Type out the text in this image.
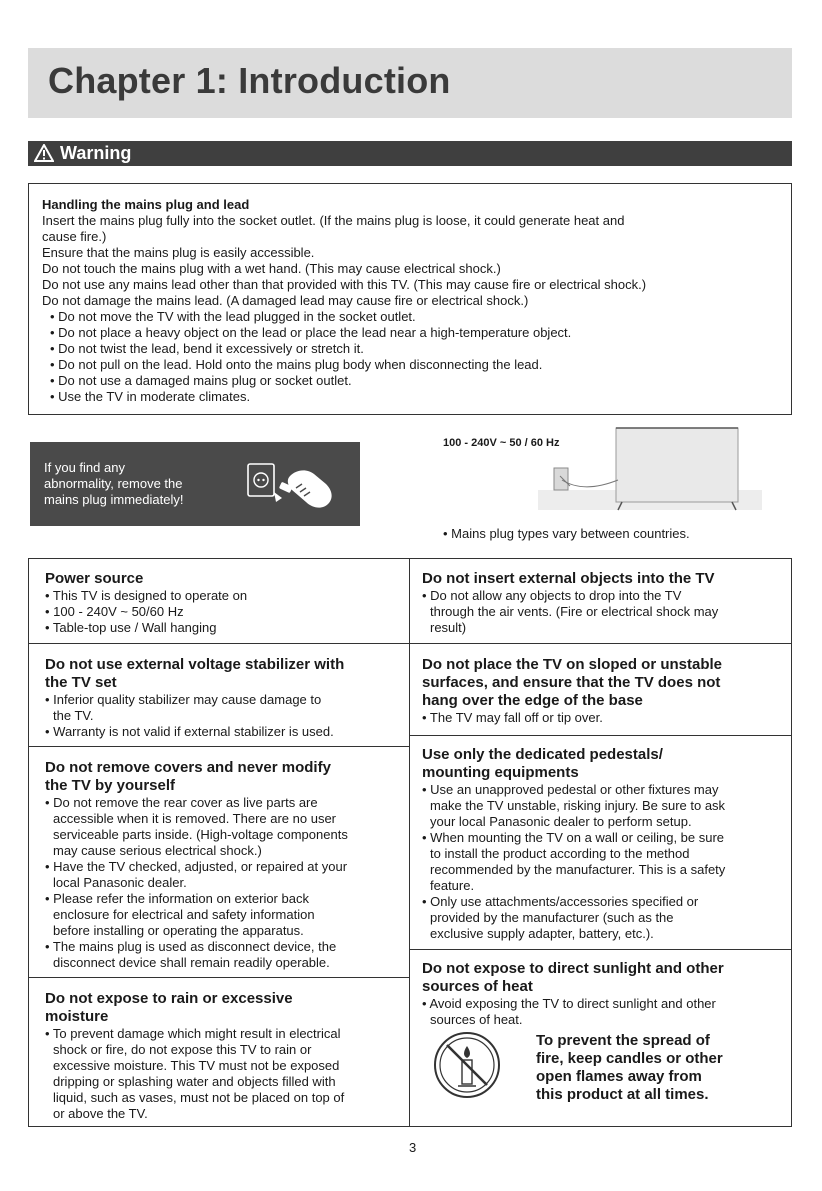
Chapter 1: Introduction
Warning
Handling the mains plug and lead
Insert the mains plug fully into the socket outlet. (If the mains plug is loose, it could generate heat and
cause fire.)
Ensure that the mains plug is easily accessible.
Do not touch the mains plug with a wet hand. (This may cause electrical shock.)
Do not use any mains lead other than that provided with this TV. (This may cause fire or electrical shock.)
Do not damage the mains lead. (A damaged lead may cause fire or electrical shock.)
• Do not move the TV with the lead plugged in the socket outlet.
• Do not place a heavy object on the lead or place the lead near a high-temperature object.
• Do not twist the lead, bend it excessively or stretch it.
• Do not pull on the lead. Hold onto the mains plug body when disconnecting the lead.
• Do not use a damaged mains plug or socket outlet.
• Use the TV in moderate climates.
If you find any
abnormality, remove the
mains plug immediately!
100 - 240V ~ 50 / 60 Hz
• Mains plug types vary between countries.
Power source
• This TV is designed to operate on
• 100 - 240V ~ 50/60 Hz
• Table-top use / Wall hanging
Do not use external voltage stabilizer with
the TV set
• Inferior quality stabilizer may cause damage to
the TV.
• Warranty is not valid if external stabilizer is used.
Do not remove covers and never modify
the TV by yourself
• Do not remove the rear cover as live parts are
accessible when it is removed. There are no user
serviceable parts inside. (High-voltage components
may cause serious electrical shock.)
• Have the TV checked, adjusted, or repaired at your
local Panasonic dealer.
• Please refer the information on exterior back
enclosure for electrical and safety information
before installing or operating the apparatus.
• The mains plug is used as disconnect device, the
disconnect device shall remain readily operable.
Do not expose to rain or excessive
moisture
• To prevent damage which might result in electrical
shock or fire, do not expose this TV to rain or
excessive moisture. This TV must not be exposed
dripping or splashing water and objects filled with
liquid, such as vases, must not be placed on top of
or above the TV.
Do not insert external objects into the TV
• Do not allow any objects to drop into the TV
through the air vents. (Fire or electrical shock may
result)
Do not place the TV on sloped or unstable
surfaces, and ensure that the TV does not
hang over the edge of the base
• The TV may fall off or tip over.
Use only the dedicated pedestals/
mounting equipments
• Use an unapproved pedestal or other fixtures may
make the TV unstable, risking injury. Be sure to ask
your local Panasonic dealer to perform setup.
• When mounting the TV on a wall or ceiling, be sure
to install the product according to the method
recommended by the manufacturer. This is a safety
feature.
• Only use attachments/accessories specified or
provided by the manufacturer (such as the
exclusive supply adapter, battery, etc.).
Do not expose to direct sunlight and other
sources of heat
• Avoid exposing the TV to direct sunlight and other
sources of heat.
To prevent the spread of
fire, keep candles or other
open flames away from
this product at all times.
3
